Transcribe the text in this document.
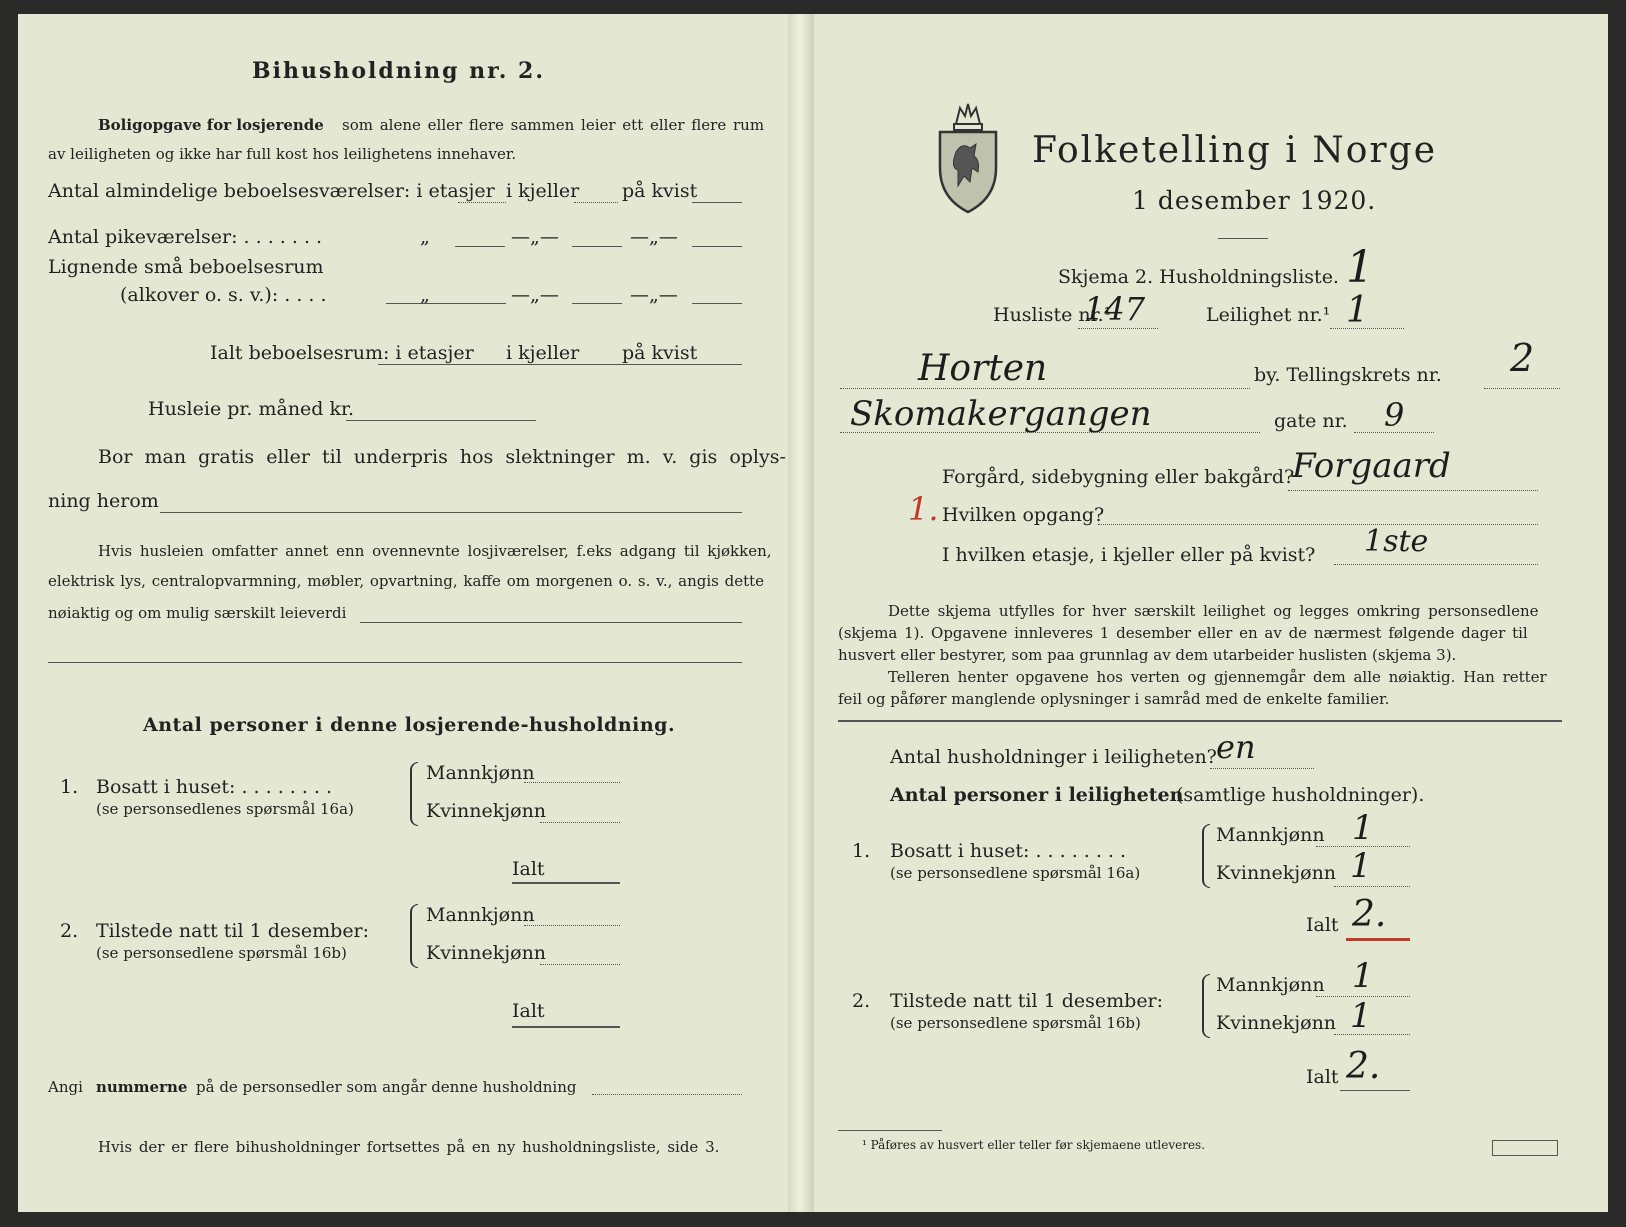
Bihusholdning nr. 2.
Boligopgave for losjerende som alene eller flere sammen leier ett eller flere rum
av leiligheten og ikke har full kost hos leilighetens innehaver.
Antal almindelige beboelsesværelser: i etasjer i kjeller på kvist
Antal pikeværelser: . . . . . . .	„	—„—	—„—
Lignende små beboelsesrum
(alkover o. s. v.): . . . .	„	—„—	—„—
Ialt beboelsesrum: i etasjer i kjeller på kvist
Husleie pr. måned kr.
Bor man gratis eller til underpris hos slektninger m. v. gis oplys-
ning herom
Hvis husleien omfatter annet enn ovennevnte losjiværelser, f.eks adgang til kjøkken,
elektrisk lys, centralopvarmning, møbler, opvartning, kaffe om morgenen o. s. v., angis dette
nøiaktig og om mulig særskilt leieverdi
Antal personer i denne losjerende-husholdning.
1. Bosatt i huset: . . . . . . . .
(se personsedlenes spørsmål 16a)
Mannkjønn
Kvinnekjønn
Ialt
2. Tilstede natt til 1 desember:
(se personsedlene spørsmål 16b)
Mannkjønn
Kvinnekjønn
Ialt
Angi nummerne på de personsedler som angår denne husholdning
Hvis der er flere bihusholdninger fortsettes på en ny husholdningsliste, side 3.
Folketelling i Norge
1 desember 1920.
Skjema 2. Husholdningsliste. 1
Husliste nr.¹
147	Leilighet nr.¹ 1
Horten	by. Tellingskrets nr. 2
Skomakergangen	gate nr. 9
Forgård, sidebygning eller bakgård?
Forgaard
1. Hvilken opgang?
I hvilken etasje, i kjeller eller på kvist? 1ste
Dette skjema utfylles for hver særskilt leilighet og legges omkring personsedlene
(skjema 1). Opgavene innleveres 1 desember eller en av de nærmest følgende dager til
husvert eller bestyrer, som paa grunnlag av dem utarbeider huslisten (skjema 3).
Telleren henter opgavene hos verten og gjennemgår dem alle nøiaktig. Han retter
feil og påfører manglende oplysninger i samråd med de enkelte familier.
Antal husholdninger i leiligheten? en
Antal personer i leiligheten
(samtlige husholdninger).
1. Bosatt i huset: . . . . . . . .
(se personsedlene spørsmål 16a)
Mannkjønn 1
Kvinnekjønn 1
Ialt 2.
2. Tilstede natt til 1 desember:
(se personsedlene spørsmål 16b)
Mannkjønn 1
Kvinnekjønn 1
Ialt 2.
¹ Påføres av husvert eller teller før skjemaene utleveres.
